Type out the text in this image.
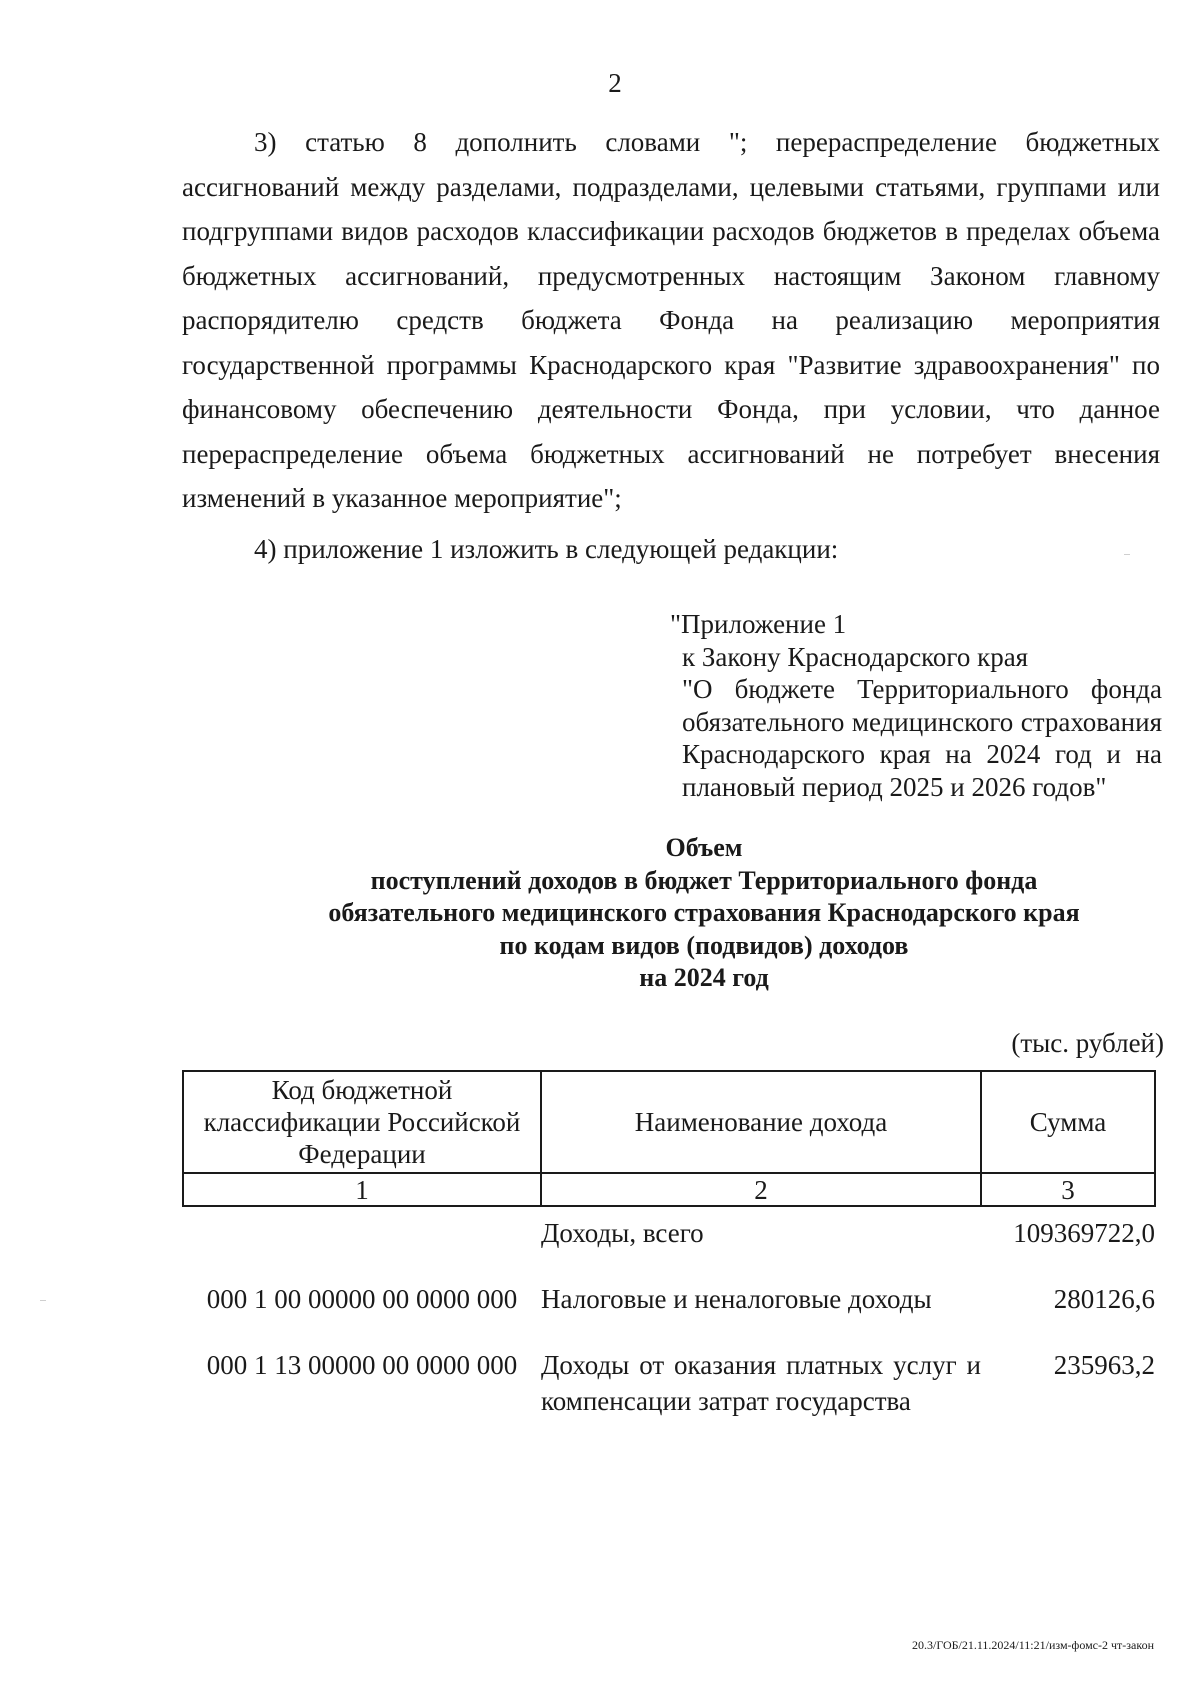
2

3) статью 8 дополнить словами "; перераспределение бюджетных ассигнований между разделами, подразделами, целевыми статьями, группами или подгруппами видов расходов классификации расходов бюджетов в пределах объема бюджетных ассигнований, предусмотренных настоящим Законом главному распорядителю средств бюджета Фонда на реализацию мероприятия государственной программы Краснодарского края "Развитие здравоохранения" по финансовому обеспечению деятельности Фонда, при условии, что данное перераспределение объема бюджетных ассигнований не потребует внесения изменений в указанное мероприятие";

4) приложение 1 изложить в следующей редакции:

"Приложение 1
к Закону Краснодарского края
"О бюджете Территориального фонда обязательного медицинского страхования Краснодарского края на 2024 год и на плановый период 2025 и 2026 годов"
Объем
поступлений доходов в бюджет Территориального фонда
обязательного медицинского страхования Краснодарского края
по кодам видов (подвидов) доходов
на 2024 год
(тыс. рублей)
Код бюджетной классификации Российской Федерации	Наименование дохода	Сумма
1	2	3
	Доходы, всего	109369722,0
000 1 00 00000 00 0000 000	Налоговые и неналоговые доходы	280126,6
000 1 13 00000 00 0000 000	Доходы от оказания платных услуг и компенсации затрат государства	235963,2
20.3/ГОБ/21.11.2024/11:21/изм-фомс-2 чт-закон
